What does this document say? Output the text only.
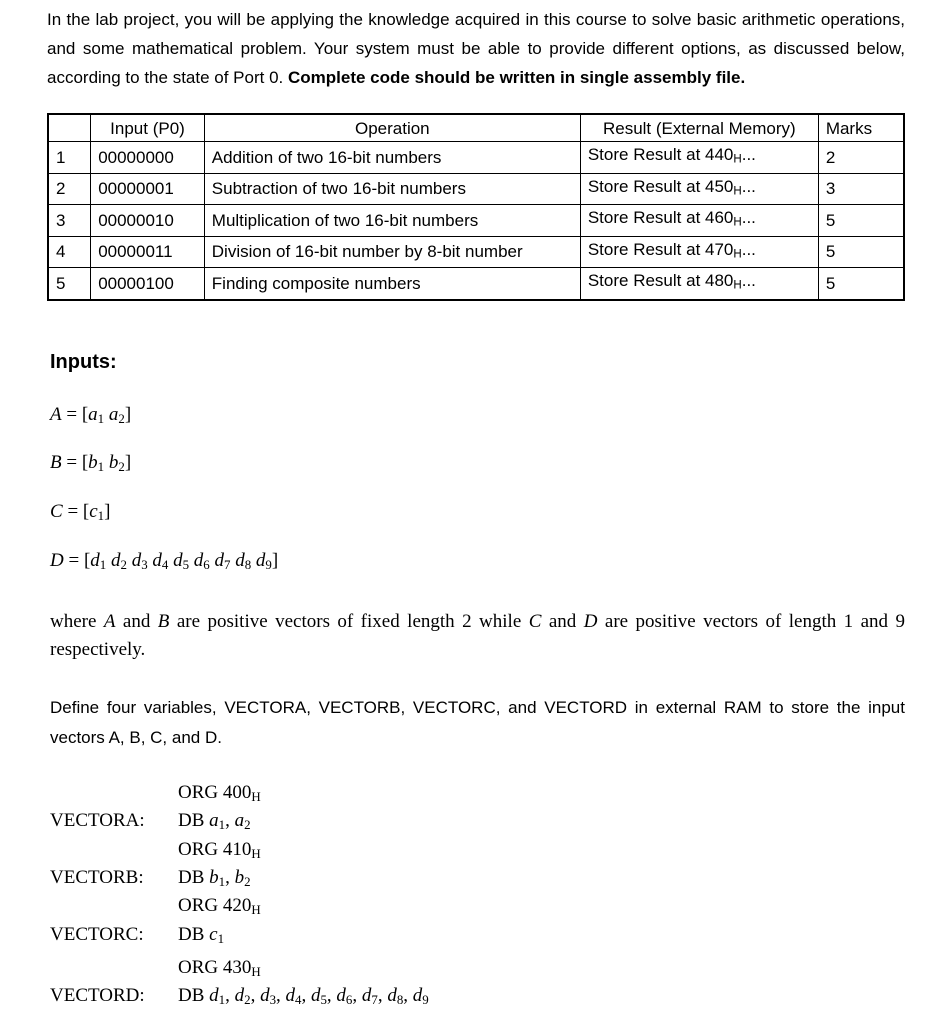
In the lab project, you will be applying the knowledge acquired in this course to solve basic arithmetic operations, and some mathematical problem. Your system must be able to provide different options, as discussed below, according to the state of Port 0. Complete code should be written in single assembly file.

	Input (P0)	Operation	Result (External Memory)	Marks
1	00000000	Addition of two 16-bit numbers	Store Result at 440H...	2
2	00000001	Subtraction of two 16-bit numbers	Store Result at 450H...	3
3	00000010	Multiplication of two 16-bit numbers	Store Result at 460H...	5
4	00000011	Division of 16-bit number by 8-bit number	Store Result at 470H...	5
5	00000100	Finding composite numbers	Store Result at 480H...	5
Inputs:

A = [a1 a2]

B = [b1 b2]

C = [c1]

D = [d1 d2 d3 d4 d5 d6 d7 d8 d9]

where A and B are positive vectors of fixed length 2 while C and D are positive vectors of length 1 and 9 respectively.

Define four variables, VECTORA, VECTORB, VECTORC, and VECTORD in external RAM to store the input vectors A, B, C, and D.

ORG 400H
VECTORA:	DB a1, a2
ORG 410H
VECTORB:	DB b1, b2
ORG 420H
VECTORC:	DB c1
ORG 430H
VECTORD:	DB d1, d2, d3, d4, d5, d6, d7, d8, d9
